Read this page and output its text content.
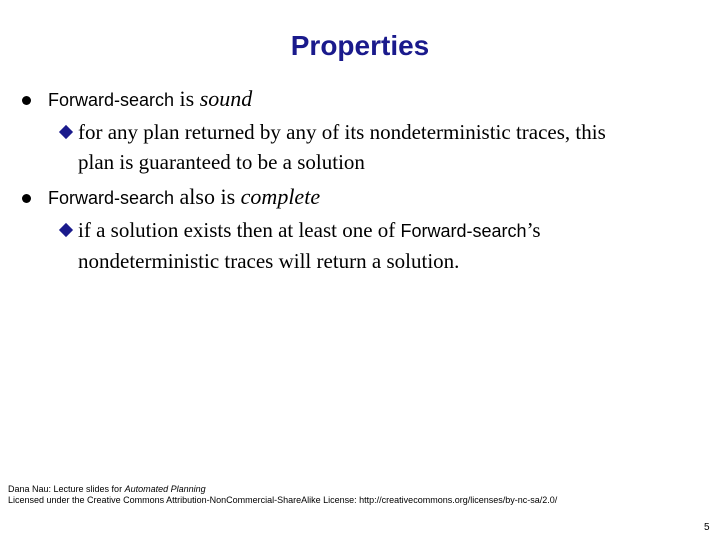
Properties
Forward-search is sound
for any plan returned by any of its nondeterministic traces, this
plan is guaranteed to be a solution
Forward-search also is complete
if a solution exists then at least one of Forward-search’s
nondeterministic traces will return a solution.
Dana Nau: Lecture slides for Automated Planning
Licensed under the Creative Commons Attribution-NonCommercial-ShareAlike License: http://creativecommons.org/licenses/by-nc-sa/2.0/
5
